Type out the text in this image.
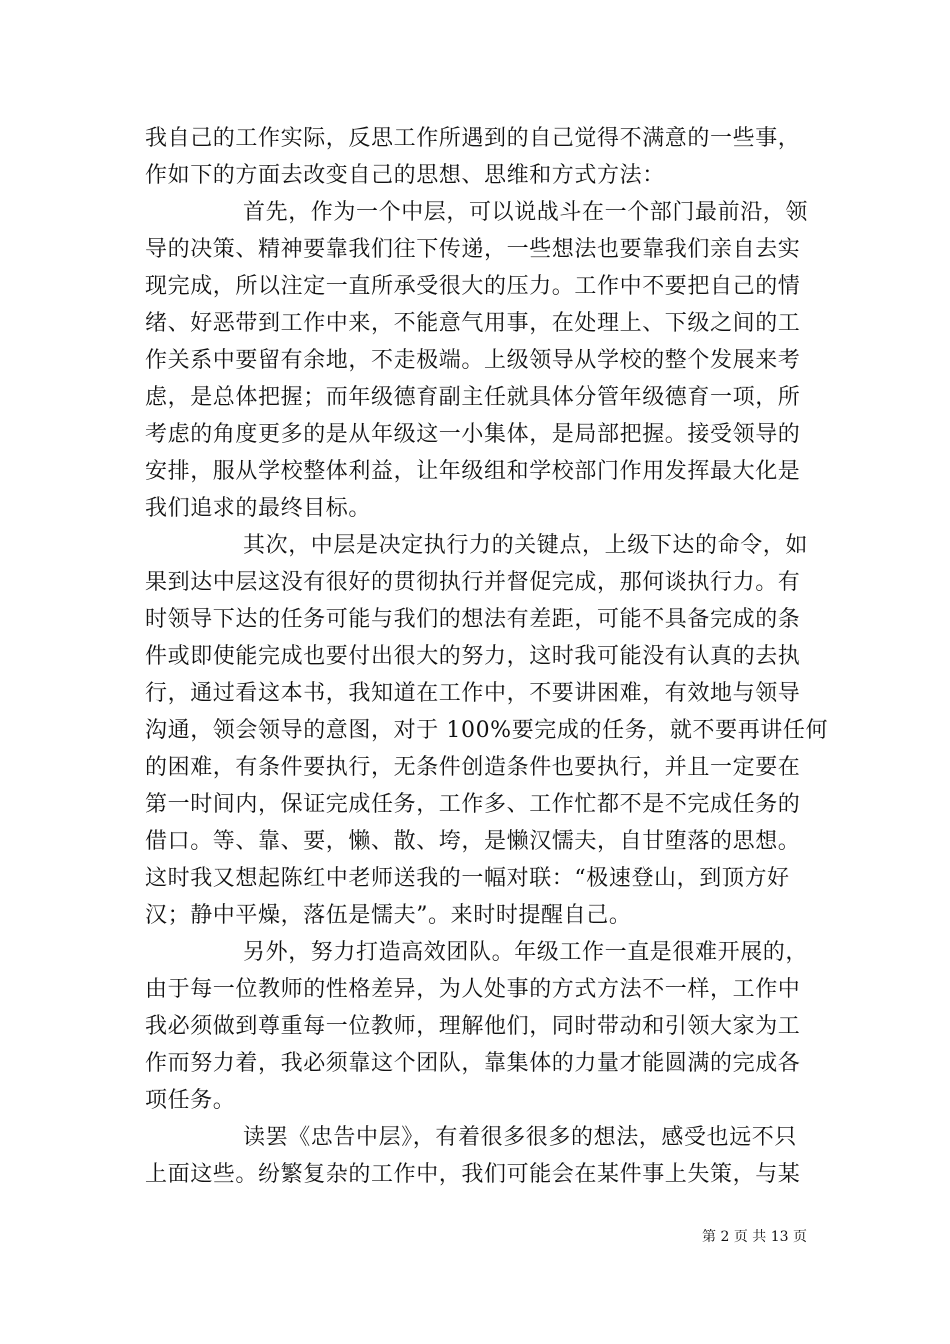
我自己的工作实际，反思工作所遇到的自己觉得不满意的一些事，
作如下的方面去改变自己的思想、思维和方式方法：
首先，作为一个中层，可以说战斗在一个部门最前沿，领
导的决策、精神要靠我们往下传递，一些想法也要靠我们亲自去实
现完成，所以注定一直所承受很大的压力。工作中不要把自己的情
绪、好恶带到工作中来，不能意气用事，在处理上、下级之间的工
作关系中要留有余地，不走极端。上级领导从学校的整个发展来考
虑，是总体把握；而年级德育副主任就具体分管年级德育一项，所
考虑的角度更多的是从年级这一小集体，是局部把握。接受领导的
安排，服从学校整体利益，让年级组和学校部门作用发挥最大化是
我们追求的最终目标。
其次，中层是决定执行力的关键点，上级下达的命令，如
果到达中层这没有很好的贯彻执行并督促完成，那何谈执行力。有
时领导下达的任务可能与我们的想法有差距，可能不具备完成的条
件或即使能完成也要付出很大的努力，这时我可能没有认真的去执
行，通过看这本书，我知道在工作中，不要讲困难，有效地与领导
沟通，领会领导的意图，对于 100%要完成的任务，就不要再讲任何
的困难，有条件要执行，无条件创造条件也要执行，并且一定要在
第一时间内，保证完成任务，工作多、工作忙都不是不完成任务的
借口。等、靠、要，懒、散、垮，是懒汉懦夫，自甘堕落的思想。
这时我又想起陈红中老师送我的一幅对联：“极速登山，到顶方好
汉；静中平燥，落伍是懦夫”。来时时提醒自己。
另外，努力打造高效团队。年级工作一直是很难开展的，
由于每一位教师的性格差异，为人处事的方式方法不一样，工作中
我必须做到尊重每一位教师，理解他们，同时带动和引领大家为工
作而努力着，我必须靠这个团队，靠集体的力量才能圆满的完成各
项任务。
读罢《忠告中层》，有着很多很多的想法，感受也远不只
上面这些。纷繁复杂的工作中，我们可能会在某件事上失策，与某
第 2 页 共 13 页
